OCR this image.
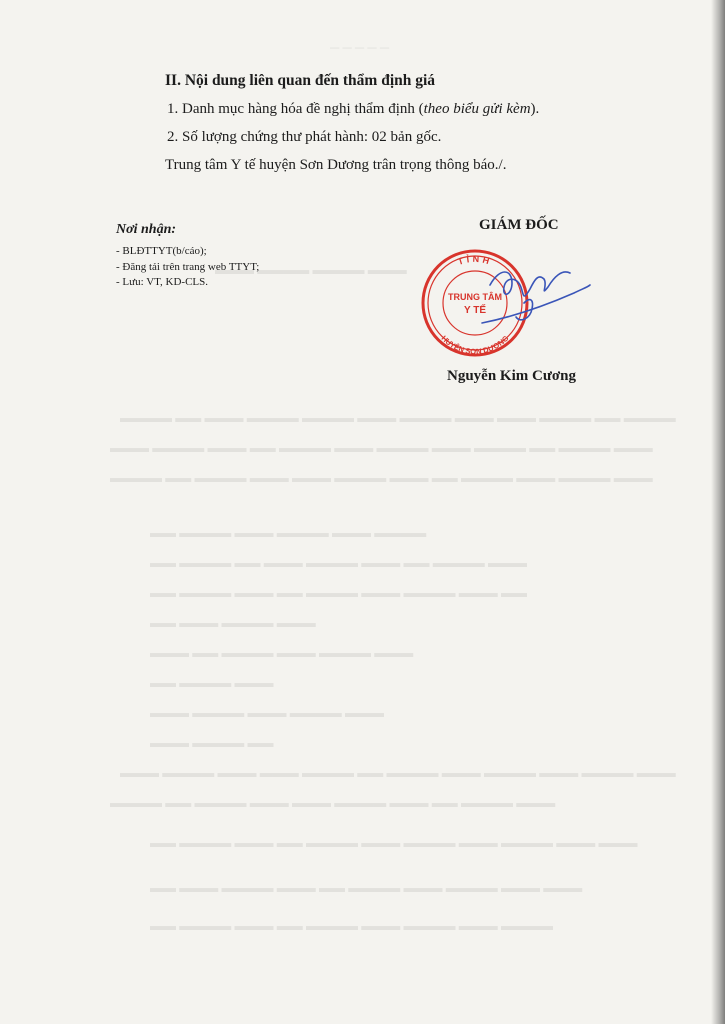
─ ─ ─ ─ ─
▬▬▬ ▬▬▬▬ ▬▬▬▬ ▬▬▬
▬▬▬▬ ▬▬ ▬▬▬ ▬▬▬▬ ▬▬▬▬ ▬▬▬ ▬▬▬▬ ▬▬▬ ▬▬▬ ▬▬▬▬ ▬▬ ▬▬▬▬
▬▬▬ ▬▬▬▬ ▬▬▬ ▬▬ ▬▬▬▬ ▬▬▬ ▬▬▬▬ ▬▬▬ ▬▬▬▬ ▬▬ ▬▬▬▬ ▬▬▬
▬▬▬▬ ▬▬ ▬▬▬▬ ▬▬▬ ▬▬▬ ▬▬▬▬ ▬▬▬ ▬▬ ▬▬▬▬ ▬▬▬ ▬▬▬▬ ▬▬▬
▬▬ ▬▬▬▬ ▬▬▬ ▬▬▬▬ ▬▬▬ ▬▬▬▬
▬▬ ▬▬▬▬ ▬▬ ▬▬▬ ▬▬▬▬ ▬▬▬ ▬▬ ▬▬▬▬ ▬▬▬
▬▬ ▬▬▬▬ ▬▬▬ ▬▬ ▬▬▬▬ ▬▬▬ ▬▬▬▬ ▬▬▬ ▬▬
▬▬ ▬▬▬ ▬▬▬▬ ▬▬▬
▬▬▬ ▬▬ ▬▬▬▬ ▬▬▬ ▬▬▬▬ ▬▬▬
▬▬ ▬▬▬▬ ▬▬▬
▬▬▬ ▬▬▬▬ ▬▬▬ ▬▬▬▬ ▬▬▬
▬▬▬ ▬▬▬▬ ▬▬
▬▬▬ ▬▬▬▬ ▬▬▬ ▬▬▬ ▬▬▬▬ ▬▬ ▬▬▬▬ ▬▬▬ ▬▬▬▬ ▬▬▬ ▬▬▬▬ ▬▬▬
▬▬▬▬ ▬▬ ▬▬▬▬ ▬▬▬ ▬▬▬ ▬▬▬▬ ▬▬▬ ▬▬ ▬▬▬▬ ▬▬▬
▬▬ ▬▬▬▬ ▬▬▬ ▬▬ ▬▬▬▬ ▬▬▬ ▬▬▬▬ ▬▬▬ ▬▬▬▬ ▬▬▬ ▬▬▬
▬▬ ▬▬▬ ▬▬▬▬ ▬▬▬ ▬▬ ▬▬▬▬ ▬▬▬ ▬▬▬▬ ▬▬▬ ▬▬▬
▬▬ ▬▬▬▬ ▬▬▬ ▬▬ ▬▬▬▬ ▬▬▬ ▬▬▬▬ ▬▬▬ ▬▬▬▬
II. Nội dung liên quan đến thẩm định giá
1. Danh mục hàng hóa đề nghị thẩm định (theo biểu gửi kèm).
2. Số lượng chứng thư phát hành: 02 bản gốc.
Trung tâm Y tế huyện Sơn Dương trân trọng thông báo./.
Nơi nhận:
- BLĐTTYT(b/cáo);
- Đăng tải trên trang web TTYT;
- Lưu: VT, KD-CLS.
GIÁM ĐỐC
TỈNH
HUYỆN SƠN DƯƠNG
TRUNG TÂM
Y TẾ
Nguyễn Kim Cương
